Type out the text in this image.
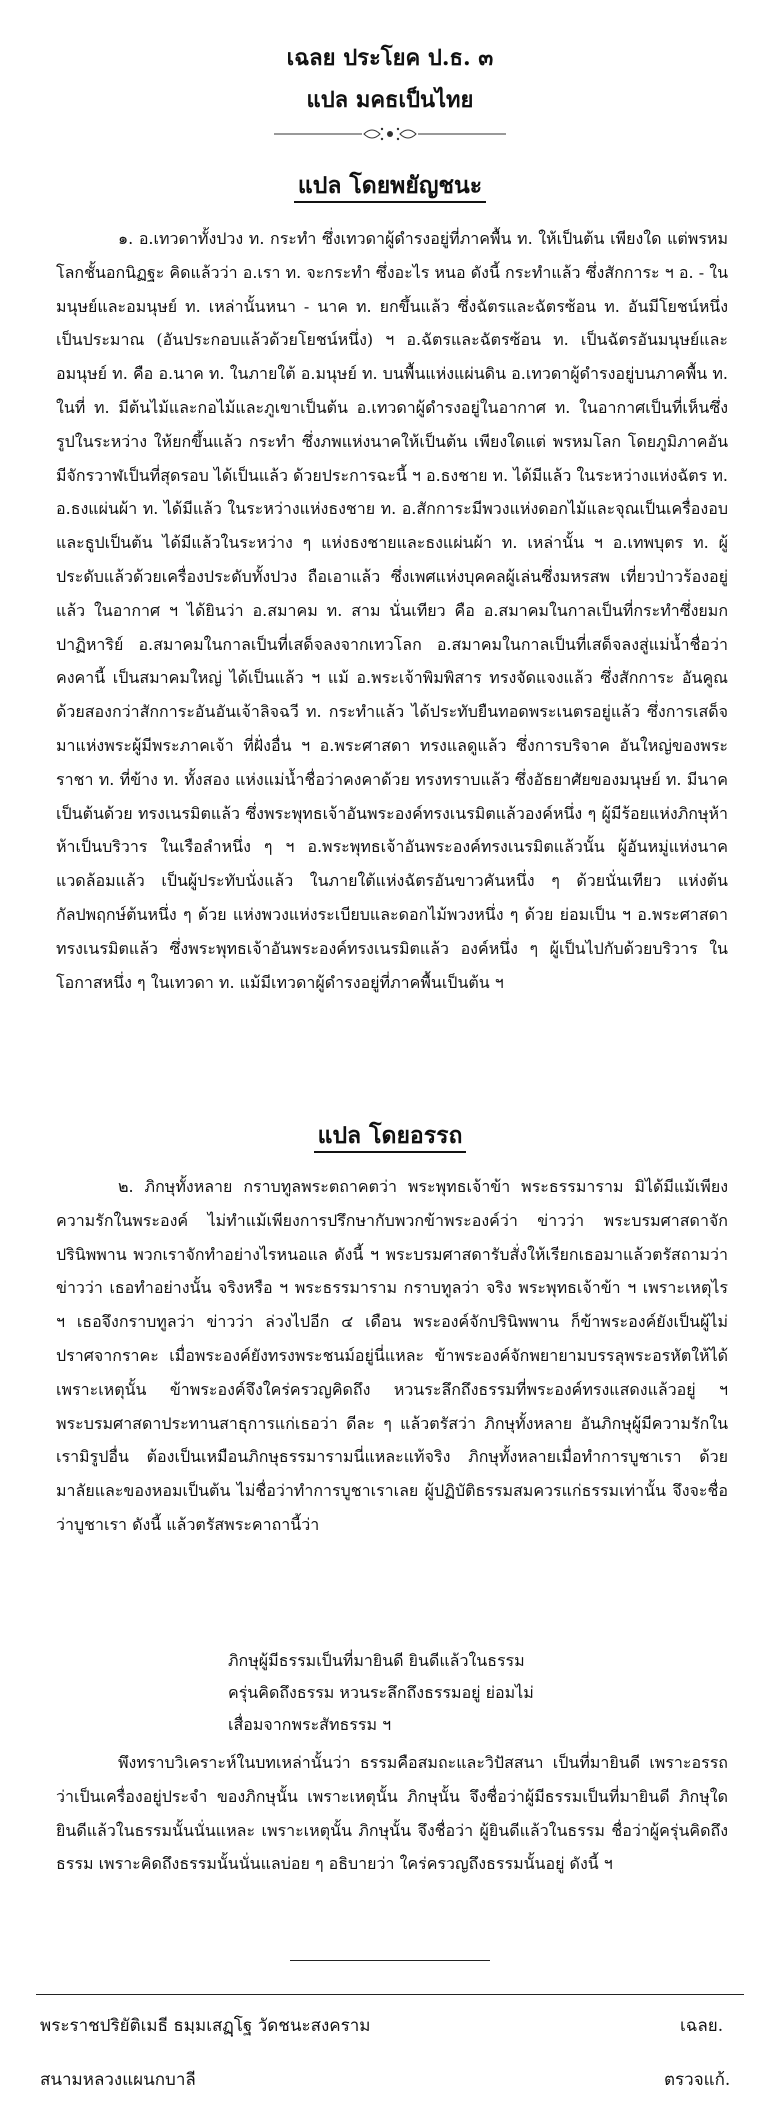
เฉลย ประโยค ป.ธ. ๓
แปล มคธเป็นไทย
แปล โดยพยัญชนะ
๑. อ.เทวดาทั้งปวง ท. กระทำ ซึ่งเทวดาผู้ดำรงอยู่ที่ภาคพื้น ท. ให้เป็นต้น เพียงใด แต่พรหมโลกชั้นอกนิฏฐะ คิดแล้วว่า อ.เรา ท. จะกระทำ ซึ่งอะไร หนอ ดังนี้ กระทำแล้ว ซึ่งสักการะ ฯ อ. - ในมนุษย์และอมนุษย์ ท. เหล่านั้นหนา - นาค ท. ยกขึ้นแล้ว ซึ่งฉัตรและฉัตรซ้อน ท. อันมีโยชน์หนึ่งเป็นประมาณ (อันประกอบแล้วด้วยโยชน์หนึ่ง) ฯ อ.ฉัตรและฉัตรซ้อน ท. เป็นฉัตรอันมนุษย์และอมนุษย์ ท. คือ อ.นาค ท. ในภายใต้ อ.มนุษย์ ท. บนพื้นแห่งแผ่นดิน อ.เทวดาผู้ดำรงอยู่บนภาคพื้น ท. ในที่ ท. มีต้นไม้และกอไม้และภูเขาเป็นต้น อ.เทวดาผู้ดำรงอยู่ในอากาศ ท. ในอากาศเป็นที่เห็นซึ่งรูปในระหว่าง ให้ยกขึ้นแล้ว กระทำ ซึ่งภพแห่งนาคให้เป็นต้น เพียงใดแต่ พรหมโลก โดยภูมิภาคอันมีจักรวาฬเป็นที่สุดรอบ ได้เป็นแล้ว ด้วยประการฉะนี้ ฯ อ.ธงชาย ท. ได้มีแล้ว ในระหว่างแห่งฉัตร ท. อ.ธงแผ่นผ้า ท. ได้มีแล้ว ในระหว่างแห่งธงชาย ท. อ.สักการะมีพวงแห่งดอกไม้และจุณเป็นเครื่องอบและธูปเป็นต้น ได้มีแล้วในระหว่าง ๆ แห่งธงชายและธงแผ่นผ้า ท. เหล่านั้น ฯ อ.เทพบุตร ท. ผู้ประดับแล้วด้วยเครื่องประดับทั้งปวง ถือเอาแล้ว ซึ่งเพศแห่งบุคคลผู้เล่นซึ่งมหรสพ เที่ยวป่าวร้องอยู่แล้ว ในอากาศ ฯ ได้ยินว่า อ.สมาคม ท. สาม นั่นเทียว คือ อ.สมาคมในกาลเป็นที่กระทำซึ่งยมกปาฏิหาริย์ อ.สมาคมในกาลเป็นที่เสด็จลงจากเทวโลก อ.สมาคมในกาลเป็นที่เสด็จลงสู่แม่น้ำชื่อว่าคงคานี้ เป็นสมาคมใหญ่ ได้เป็นแล้ว ฯ แม้ อ.พระเจ้าพิมพิสาร ทรงจัดแจงแล้ว ซึ่งสักการะ อันคูณด้วยสองกว่าสักการะอันอันเจ้าลิจฉวี ท. กระทำแล้ว ได้ประทับยืนทอดพระเนตรอยู่แล้ว ซึ่งการเสด็จมาแห่งพระผู้มีพระภาคเจ้า ที่ฝั่งอื่น ฯ อ.พระศาสดา ทรงแลดูแล้ว ซึ่งการบริจาค อันใหญ่ของพระราชา ท. ที่ข้าง ท. ทั้งสอง แห่งแม่น้ำชื่อว่าคงคาด้วย ทรงทราบแล้ว ซึ่งอัธยาศัยของมนุษย์ ท. มีนาคเป็นต้นด้วย ทรงเนรมิตแล้ว ซึ่งพระพุทธเจ้าอันพระองค์ทรงเนรมิตแล้วองค์หนึ่ง ๆ ผู้มีร้อยแห่งภิกษุห้าห้าเป็นบริวาร ในเรือลำหนึ่ง ๆ ฯ อ.พระพุทธเจ้าอันพระองค์ทรงเนรมิตแล้วนั้น ผู้อันหมู่แห่งนาคแวดล้อมแล้ว เป็นผู้ประทับนั่งแล้ว ในภายใต้แห่งฉัตรอันขาวคันหนึ่ง ๆ ด้วยนั่นเทียว แห่งต้นกัลปพฤกษ์ต้นหนึ่ง ๆ ด้วย แห่งพวงแห่งระเบียบและดอกไม้พวงหนึ่ง ๆ ด้วย ย่อมเป็น ฯ อ.พระศาสดา ทรงเนรมิตแล้ว ซึ่งพระพุทธเจ้าอันพระองค์ทรงเนรมิตแล้ว องค์หนึ่ง ๆ ผู้เป็นไปกับด้วยบริวาร ในโอกาสหนึ่ง ๆ ในเทวดา ท. แม้มีเทวดาผู้ดำรงอยู่ที่ภาคพื้นเป็นต้น ฯ
แปล โดยอรรถ
๒. ภิกษุทั้งหลาย กราบทูลพระตถาคตว่า พระพุทธเจ้าข้า พระธรรมาราม มิได้มีแม้เพียงความรักในพระองค์ ไม่ทำแม้เพียงการปรึกษากับพวกข้าพระองค์ว่า ข่าวว่า พระบรมศาสดาจักปรินิพพาน พวกเราจักทำอย่างไรหนอแล ดังนี้ ฯ พระบรมศาสดารับสั่งให้เรียกเธอมาแล้วตรัสถามว่า ข่าวว่า เธอทำอย่างนั้น จริงหรือ ฯ พระธรรมาราม กราบทูลว่า จริง พระพุทธเจ้าข้า ฯ เพราะเหตุไร ฯ เธอจึงกราบทูลว่า ข่าวว่า ล่วงไปอีก ๔ เดือน พระองค์จักปรินิพพาน ก็ข้าพระองค์ยังเป็นผู้ไม่ปราศจากราคะ เมื่อพระองค์ยังทรงพระชนม์อยู่นี่แหละ ข้าพระองค์จักพยายามบรรลุพระอรหัตให้ได้ เพราะเหตุนั้น ข้าพระองค์จึงใคร่ครวญคิดถึง หวนระลึกถึงธรรมที่พระองค์ทรงแสดงแล้วอยู่ ฯ พระบรมศาสดาประทานสาธุการแก่เธอว่า ดีละ ๆ แล้วตรัสว่า ภิกษุทั้งหลาย อันภิกษุผู้มีความรักในเรามิรูปอื่น ต้องเป็นเหมือนภิกษุธรรมารามนี่แหละแท้จริง ภิกษุทั้งหลายเมื่อทำการบูชาเรา ด้วยมาลัยและของหอมเป็นต้น ไม่ชื่อว่าทำการบูชาเราเลย ผู้ปฏิบัติธรรมสมควรแก่ธรรมเท่านั้น จึงจะชื่อว่าบูชาเรา ดังนี้ แล้วตรัสพระคาถานี้ว่า
ภิกษุผู้มีธรรมเป็นที่มายินดี ยินดีแล้วในธรรม
ครุ่นคิดถึงธรรม หวนระลึกถึงธรรมอยู่ ย่อมไม่
เสื่อมจากพระสัทธรรม ฯ
พึงทราบวิเคราะห์ในบทเหล่านั้นว่า ธรรมคือสมถะและวิปัสสนา เป็นที่มายินดี เพราะอรรถว่าเป็นเครื่องอยู่ประจำ ของภิกษุนั้น เพราะเหตุนั้น ภิกษุนั้น จึงชื่อว่าผู้มีธรรมเป็นที่มายินดี ภิกษุใด ยินดีแล้วในธรรมนั้นนั่นแหละ เพราะเหตุนั้น ภิกษุนั้น จึงชื่อว่า ผู้ยินดีแล้วในธรรม ชื่อว่าผู้ครุ่นคิดถึงธรรม เพราะคิดถึงธรรมนั้นนั่นแลบ่อย ๆ อธิบายว่า ใคร่ครวญถึงธรรมนั้นอยู่ ดังนี้ ฯ
พระราชปริยัติเมธี ธมฺมเสฏฺโฐ วัดชนะสงคราม
สนามหลวงแผนกบาลี
เฉลย.
ตรวจแก้.
